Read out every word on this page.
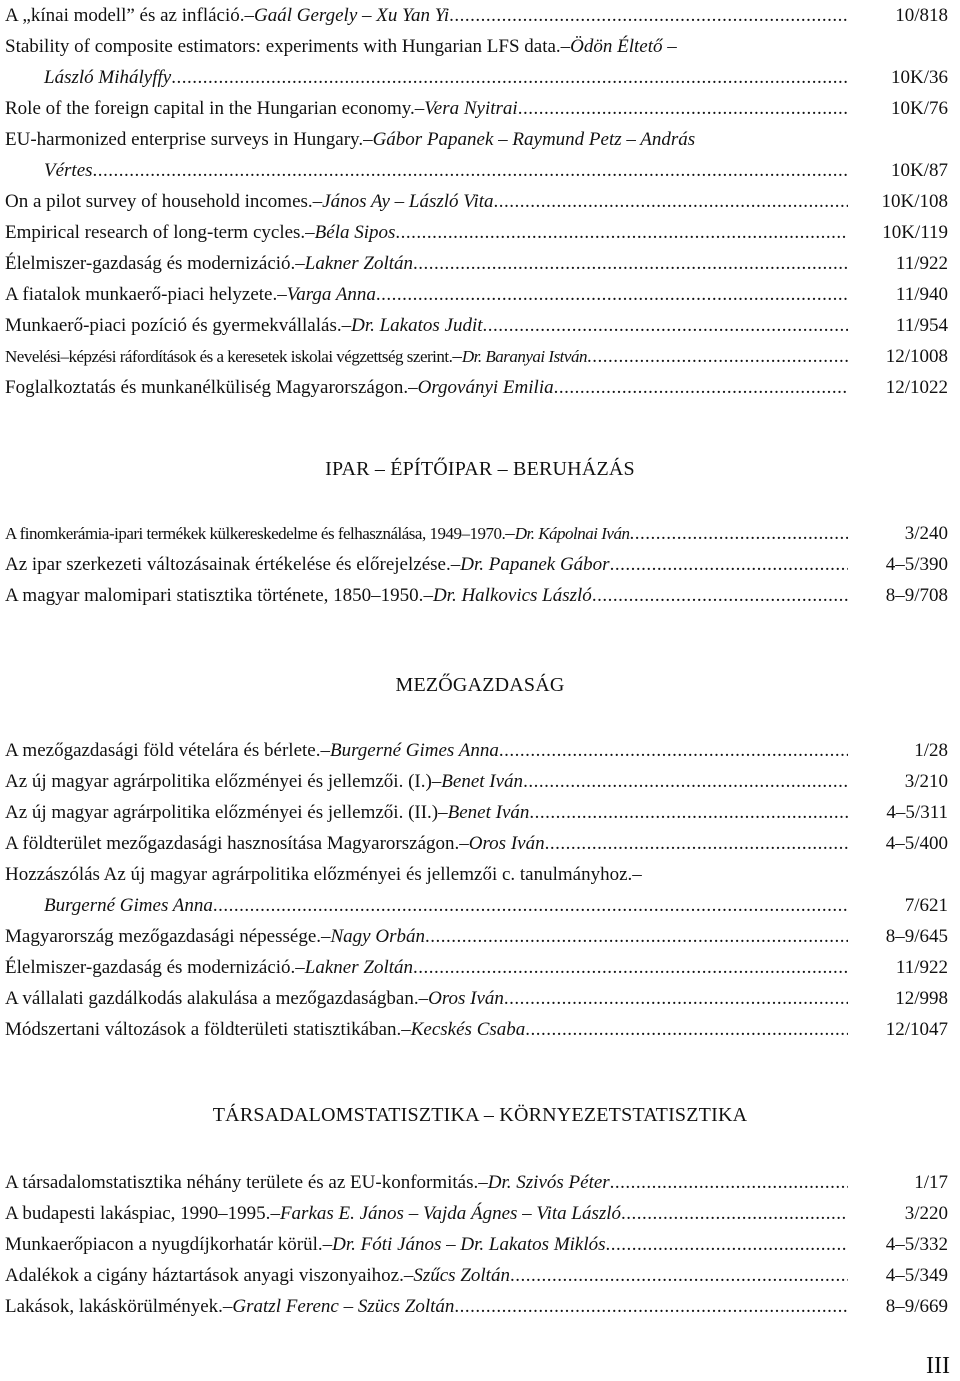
A „kínai modell” és az infláció. – Gaál Gergely – Xu Yan Yi .....	10/818
Stability of composite estimators: experiments with Hungarian LFS data. – Ödön Éltető –
László Mihályffy .....	10K/36
Role of the foreign capital in the Hungarian economy. – Vera Nyitrai .....	10K/76
EU-harmonized enterprise surveys in Hungary. – Gábor Papanek – Raymund Petz – András
Vértes .....	10K/87
On a pilot survey of household incomes. – János Ay – László Vita .....	10K/108
Empirical research of long-term cycles. – Béla Sipos .....	10K/119
Élelmiszer-gazdaság és modernizáció. – Lakner Zoltán .....	11/922
A fiatalok munkaerő-piaci helyzete. – Varga Anna .....	11/940
Munkaerő-piaci pozíció és gyermekvállalás. – Dr. Lakatos Judit .....	11/954
Nevelési–képzési ráfordítások és a keresetek iskolai végzettség szerint. – Dr. Baranyai István .....	12/1008
Foglalkoztatás és munkanélküliség Magyarországon. – Orgoványi Emilia .....	12/1022
IPAR – ÉPÍTŐIPAR – BERUHÁZÁS
A finomkerámia-ipari termékek külkereskedelme és felhasználása, 1949–1970. – Dr. Kápolnai Iván .....	3/240
Az ipar szerkezeti változásainak értékelése és előrejelzése. – Dr. Papanek Gábor .....	4–5/390
A magyar malomipari statisztika története, 1850–1950. – Dr. Halkovics László .....	8–9/708
MEZŐGAZDASÁG
A mezőgazdasági föld vételára és bérlete. – Burgerné Gimes Anna .....	1/28
Az új magyar agrárpolitika előzményei és jellemzői. (I.) – Benet Iván .....	3/210
Az új magyar agrárpolitika előzményei és jellemzői. (II.) – Benet Iván .....	4–5/311
A földterület mezőgazdasági hasznosítása Magyarországon. – Oros Iván .....	4–5/400
Hozzászólás Az új magyar agrárpolitika előzményei és jellemzői c. tanulmányhoz. –
Burgerné Gimes Anna .....	7/621
Magyarország mezőgazdasági népessége. – Nagy Orbán .....	8–9/645
Élelmiszer-gazdaság és modernizáció. – Lakner Zoltán .....	11/922
A vállalati gazdálkodás alakulása a mezőgazdaságban. – Oros Iván .....	12/998
Módszertani változások a földterületi statisztikában. – Kecskés Csaba .....	12/1047
TÁRSADALOMSTATISZTIKA – KÖRNYEZETSTATISZTIKA
A társadalomstatisztika néhány területe és az EU-konformitás. – Dr. Szivós Péter .....	1/17
A budapesti lakáspiac, 1990–1995. – Farkas E. János – Vajda Ágnes – Vita László .....	3/220
Munkaerőpiacon a nyugdíjkorhatár körül. – Dr. Fóti János – Dr. Lakatos Miklós .....	4–5/332
Adalékok a cigány háztartások anyagi viszonyaihoz. – Szűcs Zoltán .....	4–5/349
Lakások, lakáskörülmények. – Gratzl Ferenc – Szücs Zoltán .....	8–9/669
III
